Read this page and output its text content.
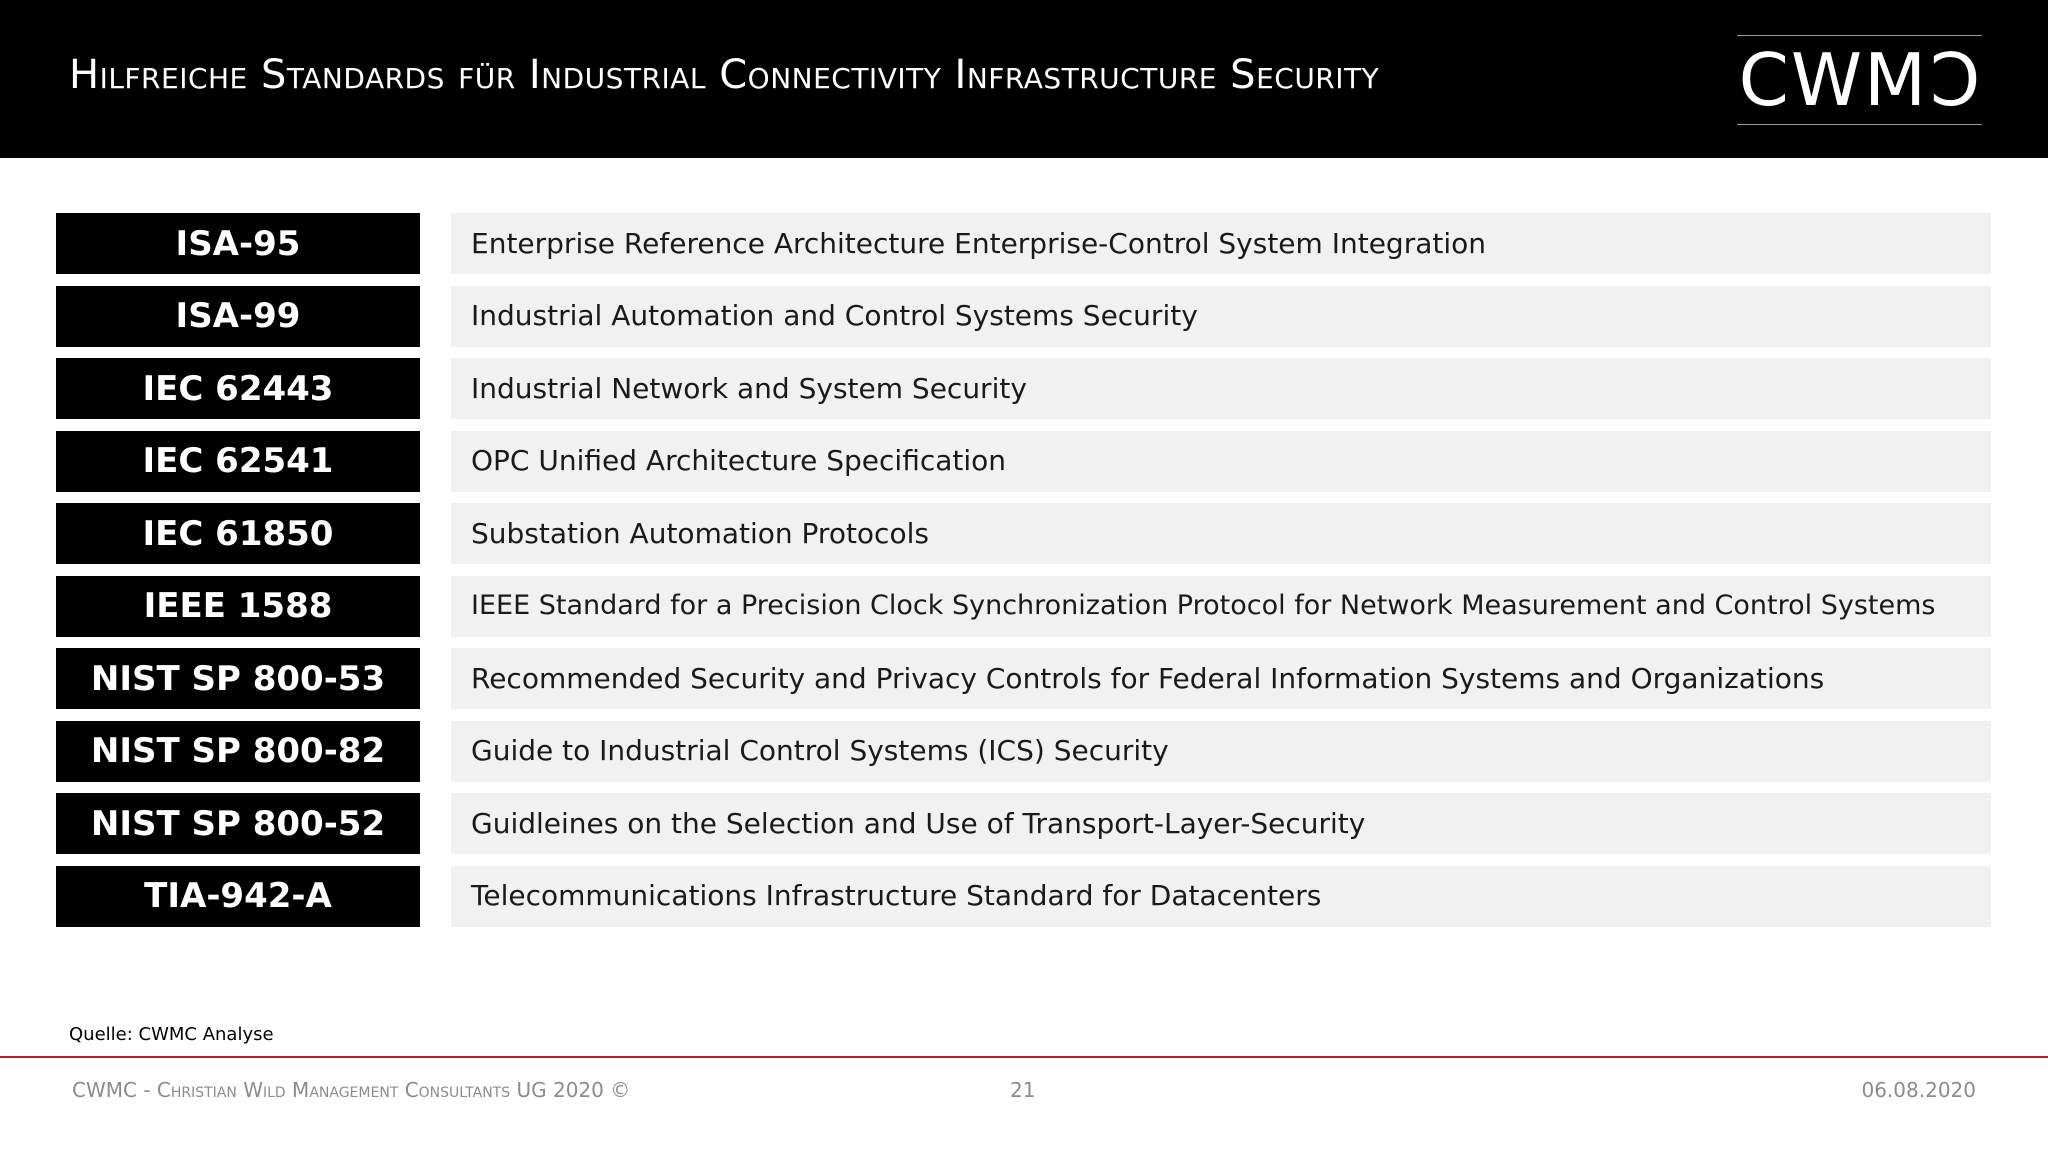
Hilfreiche Standards für Industrial Connectivity Infrastructure Security	CWMC
ISA-95	Enterprise Reference Architecture Enterprise-Control System Integration
ISA-99	Industrial Automation and Control Systems Security
IEC 62443	Industrial Network and System Security
IEC 62541	OPC Unified Architecture Specification
IEC 61850	Substation Automation Protocols
IEEE 1588	IEEE Standard for a Precision Clock Synchronization Protocol for Network Measurement and Control Systems
NIST SP 800-53	Recommended Security and Privacy Controls for Federal Information Systems and Organizations
NIST SP 800-82	Guide to Industrial Control Systems (ICS) Security
NIST SP 800-52	Guidleines on the Selection and Use of Transport-Layer-Security
TIA-942-A	Telecommunications Infrastructure Standard for Datacenters
Quelle: CWMC Analyse
CWMC - Christian Wild Management Consultants UG 2020 ©	21	06.08.2020
